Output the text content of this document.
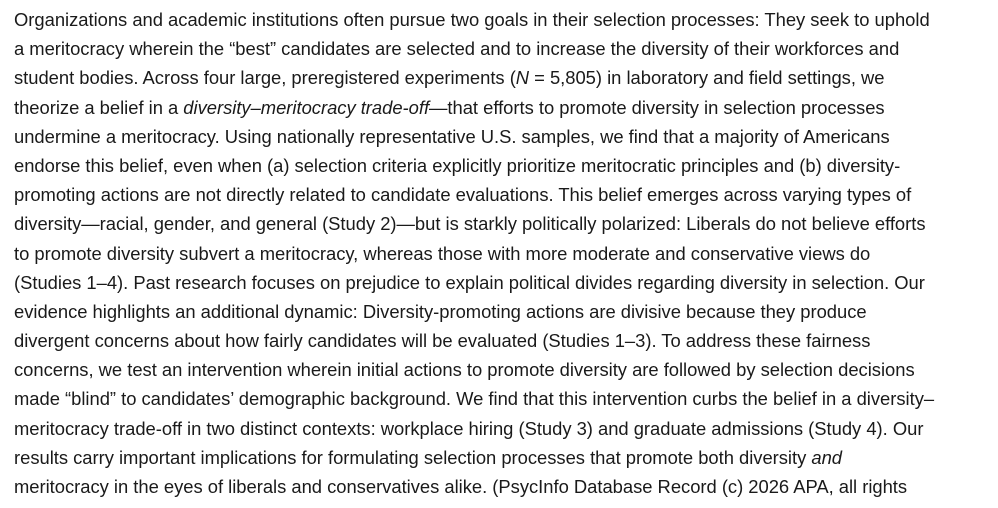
Organizations and academic institutions often pursue two goals in their selection processes: They seek to uphold
a meritocracy wherein the “best” candidates are selected and to increase the diversity of their workforces and
student bodies. Across four large, preregistered experiments (N = 5,805) in laboratory and field settings, we
theorize a belief in a diversity–meritocracy trade-off—that efforts to promote diversity in selection processes
undermine a meritocracy. Using nationally representative U.S. samples, we find that a majority of Americans
endorse this belief, even when (a) selection criteria explicitly prioritize meritocratic principles and (b) diversity-
promoting actions are not directly related to candidate evaluations. This belief emerges across varying types of
diversity—racial, gender, and general (Study 2)—but is starkly politically polarized: Liberals do not believe efforts
to promote diversity subvert a meritocracy, whereas those with more moderate and conservative views do
(Studies 1–4). Past research focuses on prejudice to explain political divides regarding diversity in selection. Our
evidence highlights an additional dynamic: Diversity-promoting actions are divisive because they produce
divergent concerns about how fairly candidates will be evaluated (Studies 1–3). To address these fairness
concerns, we test an intervention wherein initial actions to promote diversity are followed by selection decisions
made “blind” to candidates’ demographic background. We find that this intervention curbs the belief in a diversity–
meritocracy trade-off in two distinct contexts: workplace hiring (Study 3) and graduate admissions (Study 4). Our
results carry important implications for formulating selection processes that promote both diversity and
meritocracy in the eyes of liberals and conservatives alike. (PsycInfo Database Record (c) 2026 APA, all rights
